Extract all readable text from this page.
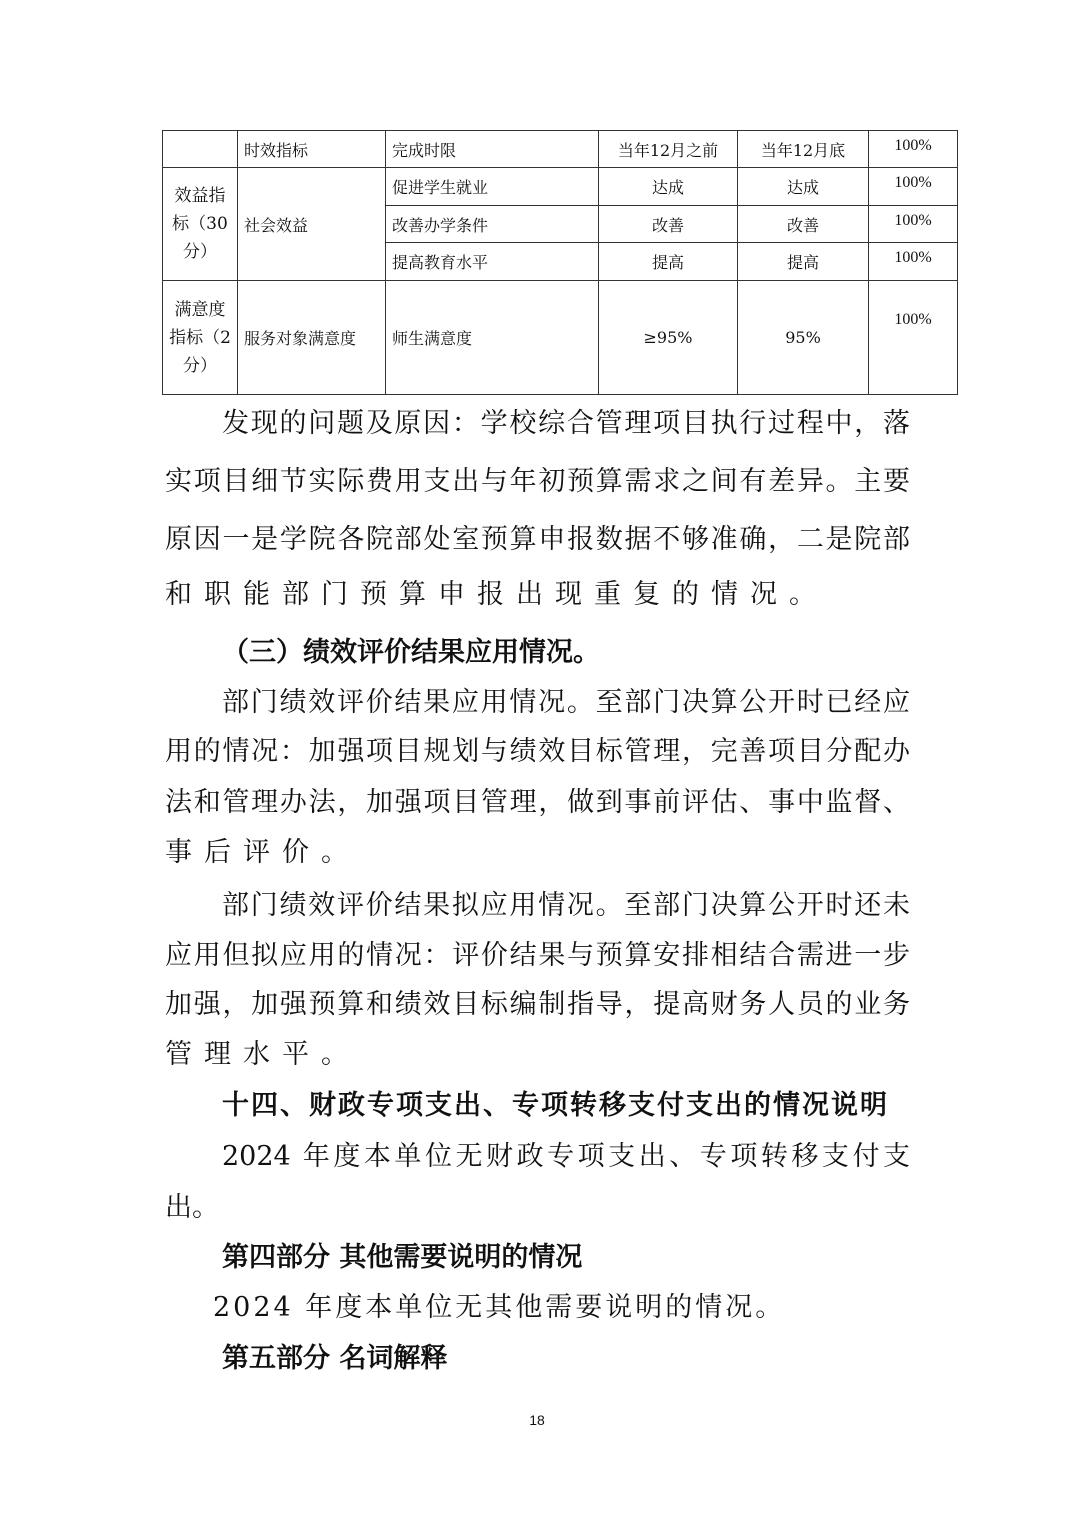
	时效指标	完成时限	当年12月之前	当年12月底	100%
效益指标（30分）	社会效益	促进学生就业	达成	达成	100%
		改善办学条件	改善	改善	100%
		提高教育水平	提高	提高	100%
满意度指标（2分）	服务对象满意度	师生满意度	≥95%	95%	100%
发现的问题及原因：学校综合管理项目执行过程中，落
实项目细节实际费用支出与年初预算需求之间有差异。主要
原因一是学院各院部处室预算申报数据不够准确，二是院部
和职能部门预算申报出现重复的情况。
（三）绩效评价结果应用情况。
部门绩效评价结果应用情况。至部门决算公开时已经应
用的情况：加强项目规划与绩效目标管理，完善项目分配办
法和管理办法，加强项目管理，做到事前评估、事中监督、
事后评价。
部门绩效评价结果拟应用情况。至部门决算公开时还未
应用但拟应用的情况：评价结果与预算安排相结合需进一步
加强，加强预算和绩效目标编制指导，提高财务人员的业务
管理水平。
十四、财政专项支出、专项转移支付支出的情况说明
2024 年度本单位无财政专项支出、专项转移支付支
出。
第四部分 其他需要说明的情况
2024 年度本单位无其他需要说明的情况。
第五部分 名词解释
18
